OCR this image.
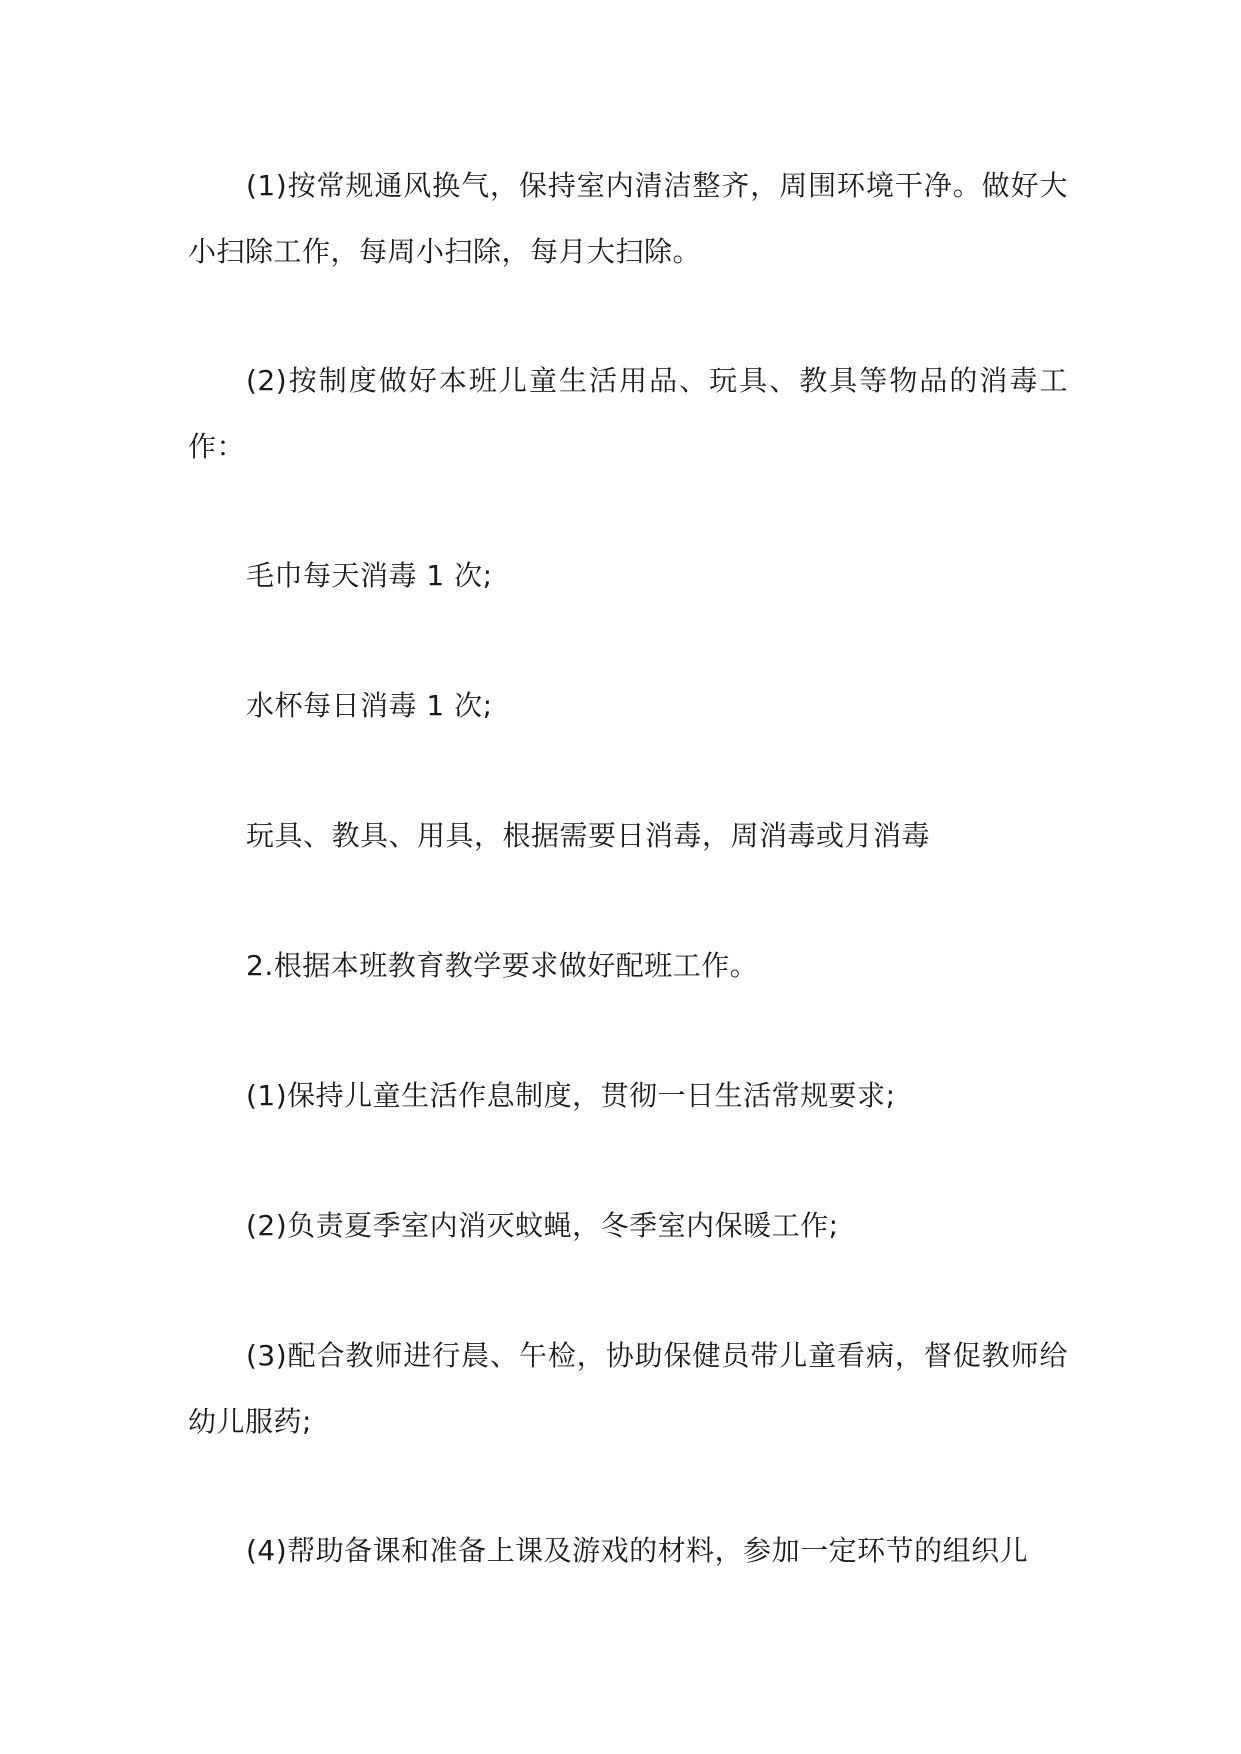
(1)按常规通风换气，保持室内清洁整齐，周围环境干净。做好大小扫除工作，每周小扫除，每月大扫除。

(2)按制度做好本班儿童生活用品、玩具、教具等物品的消毒工作：

毛巾每天消毒 1 次;

水杯每日消毒 1 次;

玩具、教具、用具，根据需要日消毒，周消毒或月消毒

2.根据本班教育教学要求做好配班工作。

(1)保持儿童生活作息制度，贯彻一日生活常规要求;

(2)负责夏季室内消灭蚊蝇，冬季室内保暖工作;

(3)配合教师进行晨、午检，协助保健员带儿童看病，督促教师给幼儿服药;

(4)帮助备课和准备上课及游戏的材料，参加一定环节的组织儿
